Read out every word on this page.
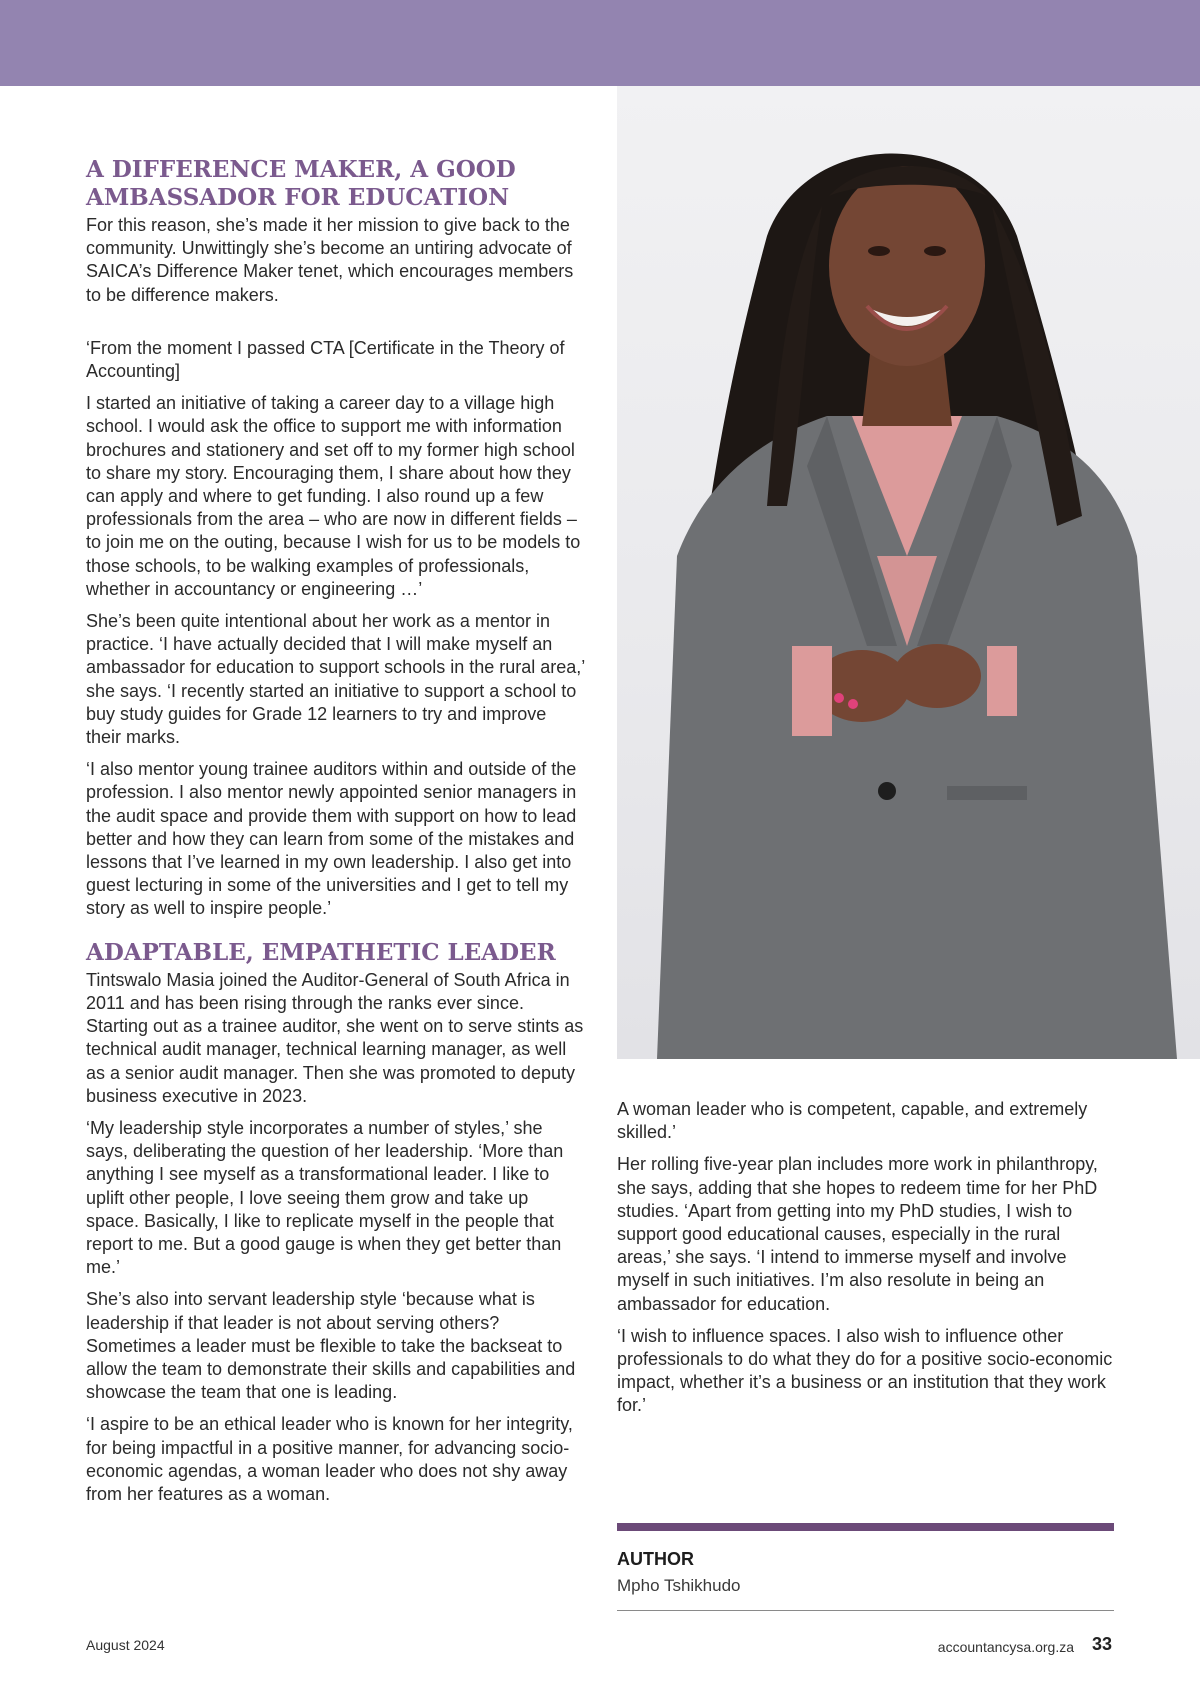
A DIFFERENCE MAKER, A GOOD AMBASSADOR FOR EDUCATION

For this reason, she’s made it her mission to give back to the community. Unwittingly she’s become an untiring advocate of SAICA’s Difference Maker tenet, which encourages members to be difference makers.

‘From the moment I passed CTA [Certificate in the Theory of Accounting]

I started an initiative of taking a career day to a village high school. I would ask the office to support me with information brochures and stationery and set off to my former high school to share my story. Encouraging them, I share about how they can apply and where to get funding. I also round up a few professionals from the area – who are now in different fields – to join me on the outing, because I wish for us to be models to those schools, to be walking examples of professionals, whether in accountancy or engineering …’

She’s been quite intentional about her work as a mentor in practice. ‘I have actually decided that I will make myself an ambassador for education to support schools in the rural area,’ she says. ‘I recently started an initiative to support a school to buy study guides for Grade 12 learners to try and improve their marks.

‘I also mentor young trainee auditors within and outside of the profession. I also mentor newly appointed senior managers in the audit space and provide them with support on how to lead better and how they can learn from some of the mistakes and lessons that I’ve learned in my own leadership. I also get into guest lecturing in some of the universities and I get to tell my story as well to inspire people.’

ADAPTABLE, EMPATHETIC LEADER

Tintswalo Masia joined the Auditor-General of South Africa in 2011 and has been rising through the ranks ever since. Starting out as a trainee auditor, she went on to serve stints as technical audit manager, technical learning manager, as well as a senior audit manager. Then she was promoted to deputy business executive in 2023.

‘My leadership style incorporates a number of styles,’ she says, deliberating the question of her leadership. ‘More than anything I see myself as a transformational leader. I like to uplift other people, I love seeing them grow and take up space. Basically, I like to replicate myself in the people that report to me. But a good gauge is when they get better than me.’

She’s also into servant leadership style ‘because what is leadership if that leader is not about serving others? Sometimes a leader must be flexible to take the backseat to allow the team to demonstrate their skills and capabilities and showcase the team that one is leading.

‘I aspire to be an ethical leader who is known for her integrity, for being impactful in a positive manner, for advancing socio-economic agendas, a woman leader who does not shy away from her features as a woman.

A woman leader who is competent, capable, and extremely skilled.’

Her rolling five-year plan includes more work in philanthropy, she says, adding that she hopes to redeem time for her PhD studies. ‘Apart from getting into my PhD studies, I wish to support good educational causes, especially in the rural areas,’ she says. ‘I intend to immerse myself and involve myself in such initiatives. I’m also resolute in being an ambassador for education.

‘I wish to influence spaces. I also wish to influence other professionals to do what they do for a positive socio-economic impact, whether it’s a business or an institution that they work for.’

AUTHOR
Mpho Tshikhudo
August 2024	accountancysa.org.za 33
